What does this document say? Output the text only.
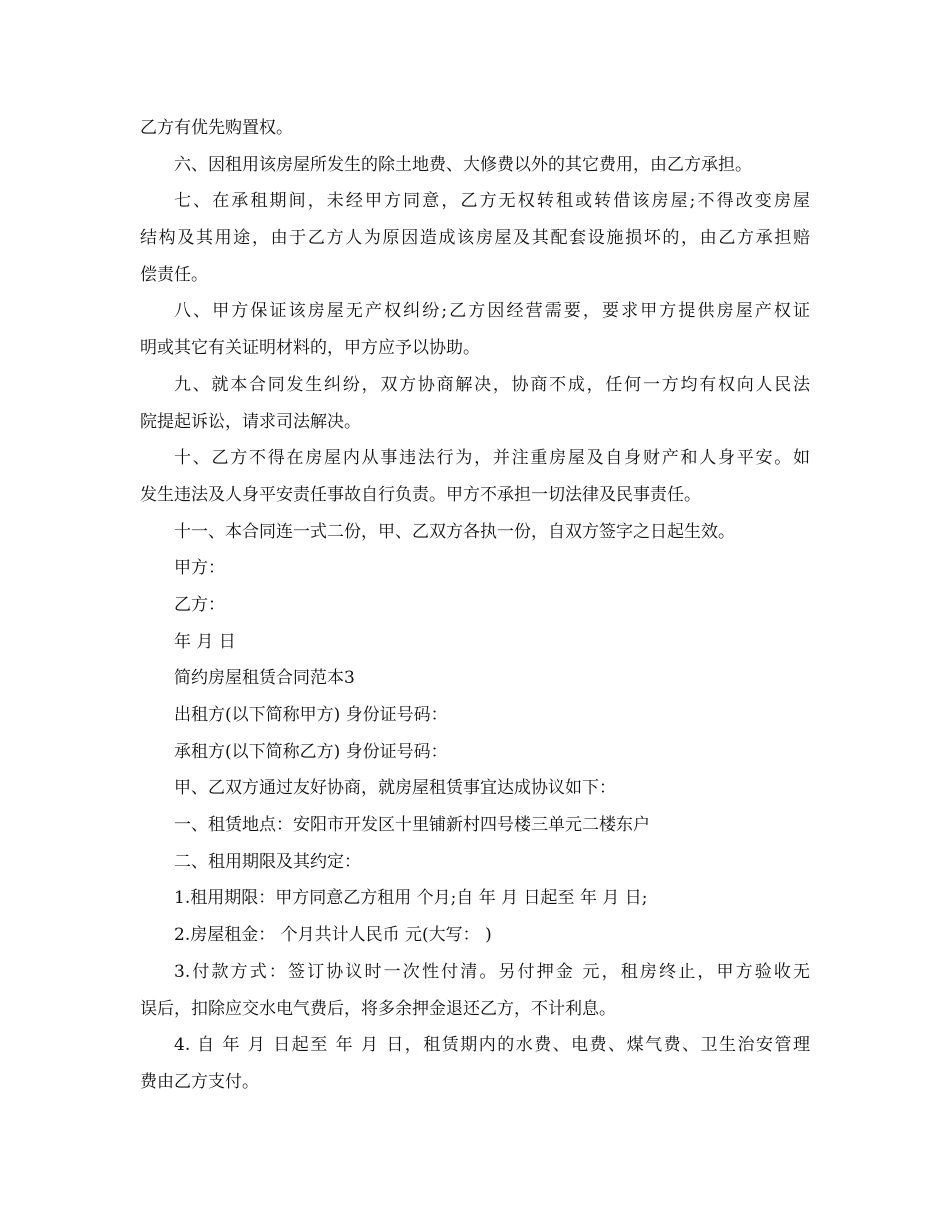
乙方有优先购置权。
六、因租用该房屋所发生的除土地费、大修费以外的其它费用，由乙方承担。
七、在承租期间，未经甲方同意，乙方无权转租或转借该房屋;不得改变房屋
结构及其用途，由于乙方人为原因造成该房屋及其配套设施损坏的，由乙方承担赔
偿责任。
八、甲方保证该房屋无产权纠纷;乙方因经营需要，要求甲方提供房屋产权证
明或其它有关证明材料的，甲方应予以协助。
九、就本合同发生纠纷，双方协商解决，协商不成，任何一方均有权向人民法
院提起诉讼，请求司法解决。
十、乙方不得在房屋内从事违法行为，并注重房屋及自身财产和人身平安。如
发生违法及人身平安责任事故自行负责。甲方不承担一切法律及民事责任。
十一、本合同连一式二份，甲、乙双方各执一份，自双方签字之日起生效。
甲方：
乙方：
年 月 日
简约房屋租赁合同范本3
出租方(以下简称甲方) 身份证号码：
承租方(以下简称乙方) 身份证号码：
甲、乙双方通过友好协商，就房屋租赁事宜达成协议如下：
一、租赁地点：安阳市开发区十里铺新村四号楼三单元二楼东户
二、租用期限及其约定：
1.租用期限：甲方同意乙方租用 个月;自 年 月 日起至 年 月 日;
2.房屋租金： 个月共计人民币 元(大写： )
3.付款方式：签订协议时一次性付清。另付押金 元，租房终止，甲方验收无
误后，扣除应交水电气费后，将多余押金退还乙方，不计利息。
4. 自 年 月 日起至 年 月 日，租赁期内的水费、电费、煤气费、卫生治安管理
费由乙方支付。
